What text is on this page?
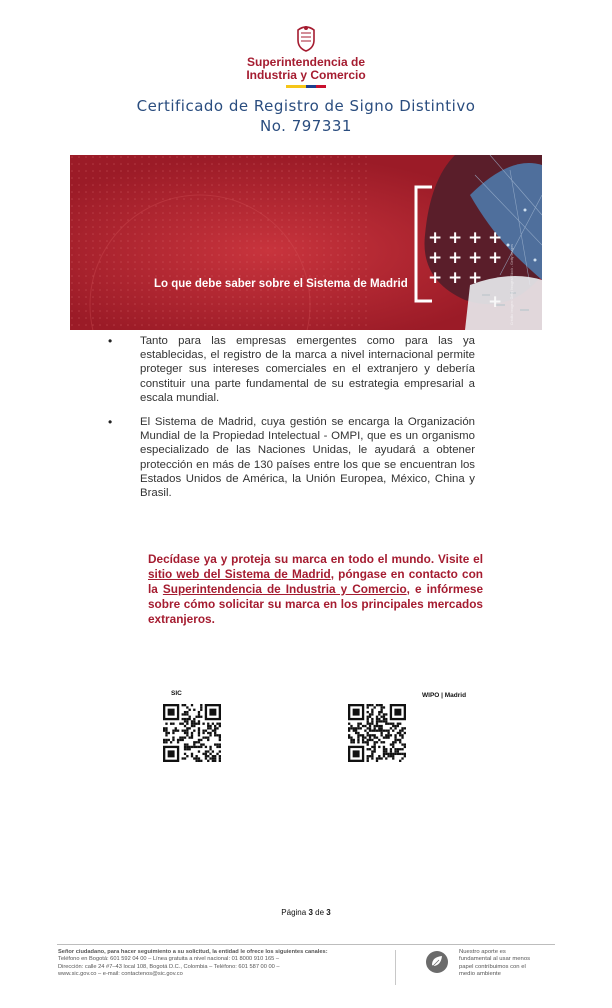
Superintendencia de
Industria y Comercio
Certificado de Registro de Signo Distintivo
No. 797331
+ + + +
+ + + +
+ + +
+
Lo que debe saber sobre el Sistema de Madrid	Crédito imagen: Getty Images/iStock - Getty Images
• Tanto para las empresas emergentes como para las ya establecidas, el registro de la marca a nivel internacional permite proteger sus intereses comerciales en el extranjero y debería constituir una parte fundamental de su estrategia empresarial a escala mundial.
• El Sistema de Madrid, cuya gestión se encarga la Organización Mundial de la Propiedad Intelectual - OMPI, que es un organismo especializado de las Naciones Unidas, le ayudará a obtener protección en más de 130 países entre los que se encuentran los Estados Unidos de América, la Unión Europea, México, China y Brasil.
Decídase ya y proteja su marca en todo el mundo. Visite el sitio web del Sistema de Madrid, póngase en contacto con la Superintendencia de Industria y Comercio, e infórmese sobre cómo solicitar su marca en los principales mercados extranjeros.
SIC	WIPO | Madrid
Página 3 de 3
Señor ciudadano, para hacer seguimiento a su solicitud, la entidad le ofrece los siguientes canales:
Teléfono en Bogotá: 601 592 04 00 – Línea gratuita a nivel nacional: 01 8000 910 165 –
Dirección: calle 24 #7–43 local 108, Bogotá D.C., Colombia – Teléfono: 601 587 00 00 –
www.sic.gov.co – e-mail: contactenos@sic.gov.co
Nuestro aporte es
fundamental al usar menos
papel contribuimos con el
medio ambiente
